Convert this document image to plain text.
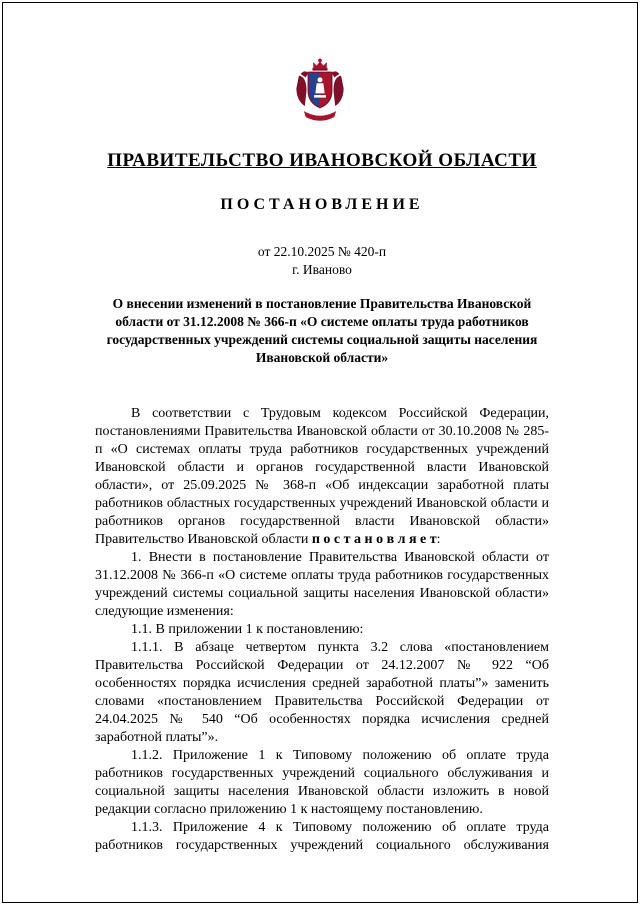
ПРАВИТЕЛЬСТВО ИВАНОВСКОЙ ОБЛАСТИ
ПОСТАНОВЛЕНИЕ
от 22.10.2025 № 420-п
г. Иваново
О внесении изменений в постановление Правительства Ивановской области от 31.12.2008 № 366-п «О системе оплаты труда работников государственных учреждений системы социальной защиты населения Ивановской области»

В соответствии с Трудовым кодексом Российской Федерации, постановлениями Правительства Ивановской области от 30.10.2008 № 285-п «О системах оплаты труда работников государственных учреждений Ивановской области и органов государственной власти Ивановской области», от 25.09.2025 № 368-п «Об индексации заработной платы работников областных государственных учреждений Ивановской области и работников органов государственной власти Ивановской области» Правительство Ивановской области п о с т а н о в л я е т:

1. Внести в постановление Правительства Ивановской области от 31.12.2008 № 366-п «О системе оплаты труда работников государственных учреждений системы социальной защиты населения Ивановской области» следующие изменения:

1.1. В приложении 1 к постановлению:

1.1.1. В абзаце четвертом пункта 3.2 слова «постановлением Правительства Российской Федерации от 24.12.2007 № 922 “Об особенностях порядка исчисления средней заработной платы”» заменить словами «постановлением Правительства Российской Федерации от 24.04.2025 № 540 “Об особенностях порядка исчисления средней заработной платы”».

1.1.2. Приложение 1 к Типовому положению об оплате труда работников государственных учреждений социального обслуживания и социальной защиты населения Ивановской области изложить в новой редакции согласно приложению 1 к настоящему постановлению.

1.1.3. Приложение 4 к Типовому положению об оплате труда работников государственных учреждений социального обслуживания
